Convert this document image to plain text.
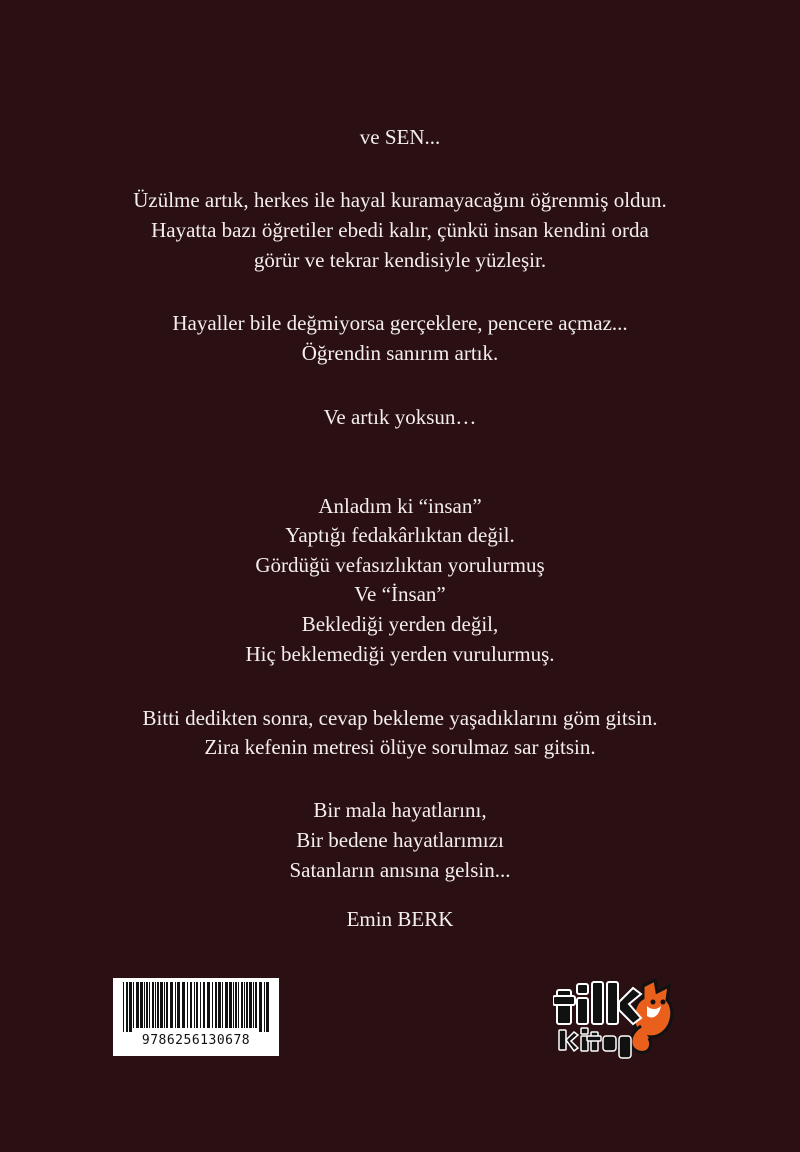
ve SEN...
Üzülme artık, herkes ile hayal kuramayacağını öğrenmiş oldun.
Hayatta bazı öğretiler ebedi kalır, çünkü insan kendini orda
görür ve tekrar kendisiyle yüzleşir.
Hayaller bile değmiyorsa gerçeklere, pencere açmaz...
Öğrendin sanırım artık.
Ve artık yoksun…
Anladım ki “insan”
Yaptığı fedakârlıktan değil.
Gördüğü vefasızlıktan yorulurmuş
Ve “İnsan”
Beklediği yerden değil,
Hiç beklemediği yerden vurulurmuş.
Bitti dedikten sonra, cevap bekleme yaşadıklarını göm gitsin.
Zira kefenin metresi ölüye sorulmaz sar gitsin.
Bir mala hayatlarını,
Bir bedene hayatlarımızı
Satanların anısına gelsin...
Emin BERK
9786256130678
